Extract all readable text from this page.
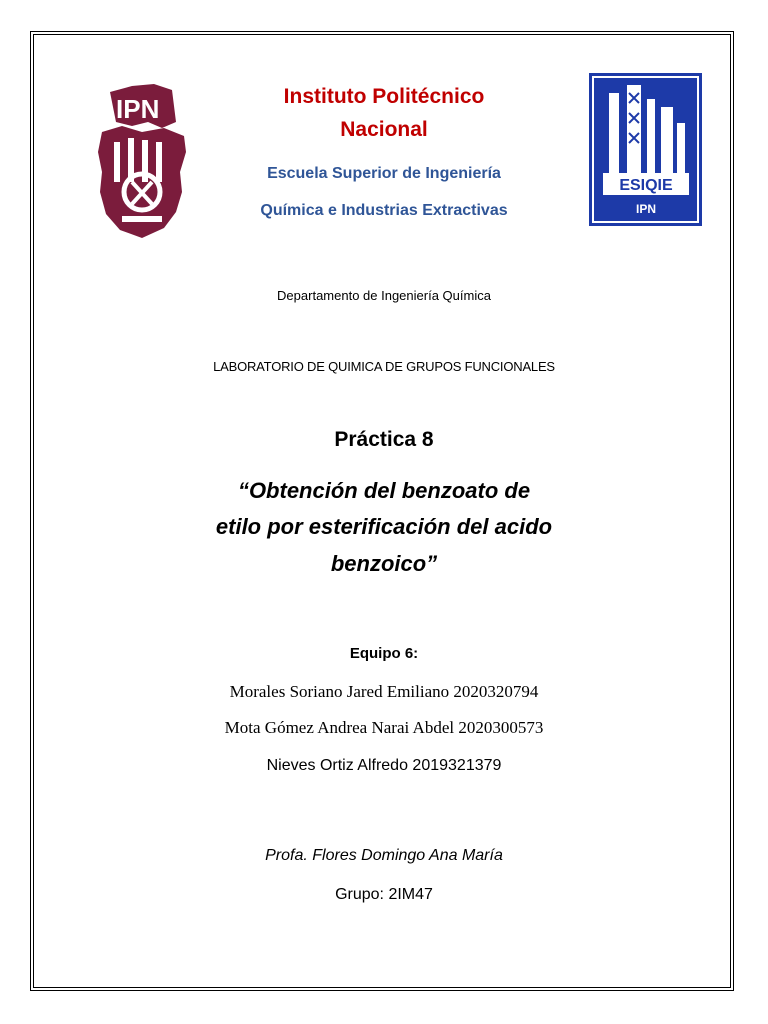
IPN
ESIQIE
IPN
Instituto Politécnico
Nacional
Escuela Superior de Ingeniería
Química e Industrias Extractivas
Departamento de Ingeniería Química
LABORATORIO DE QUIMICA DE GRUPOS FUNCIONALES
Práctica 8
“Obtención del benzoato de
etilo por esterificación del acido
benzoico”
Equipo 6:
Morales Soriano Jared Emiliano 2020320794
Mota Gómez Andrea Narai Abdel 2020300573
Nieves Ortiz Alfredo 2019321379
Profa. Flores Domingo Ana María
Grupo: 2IM47
